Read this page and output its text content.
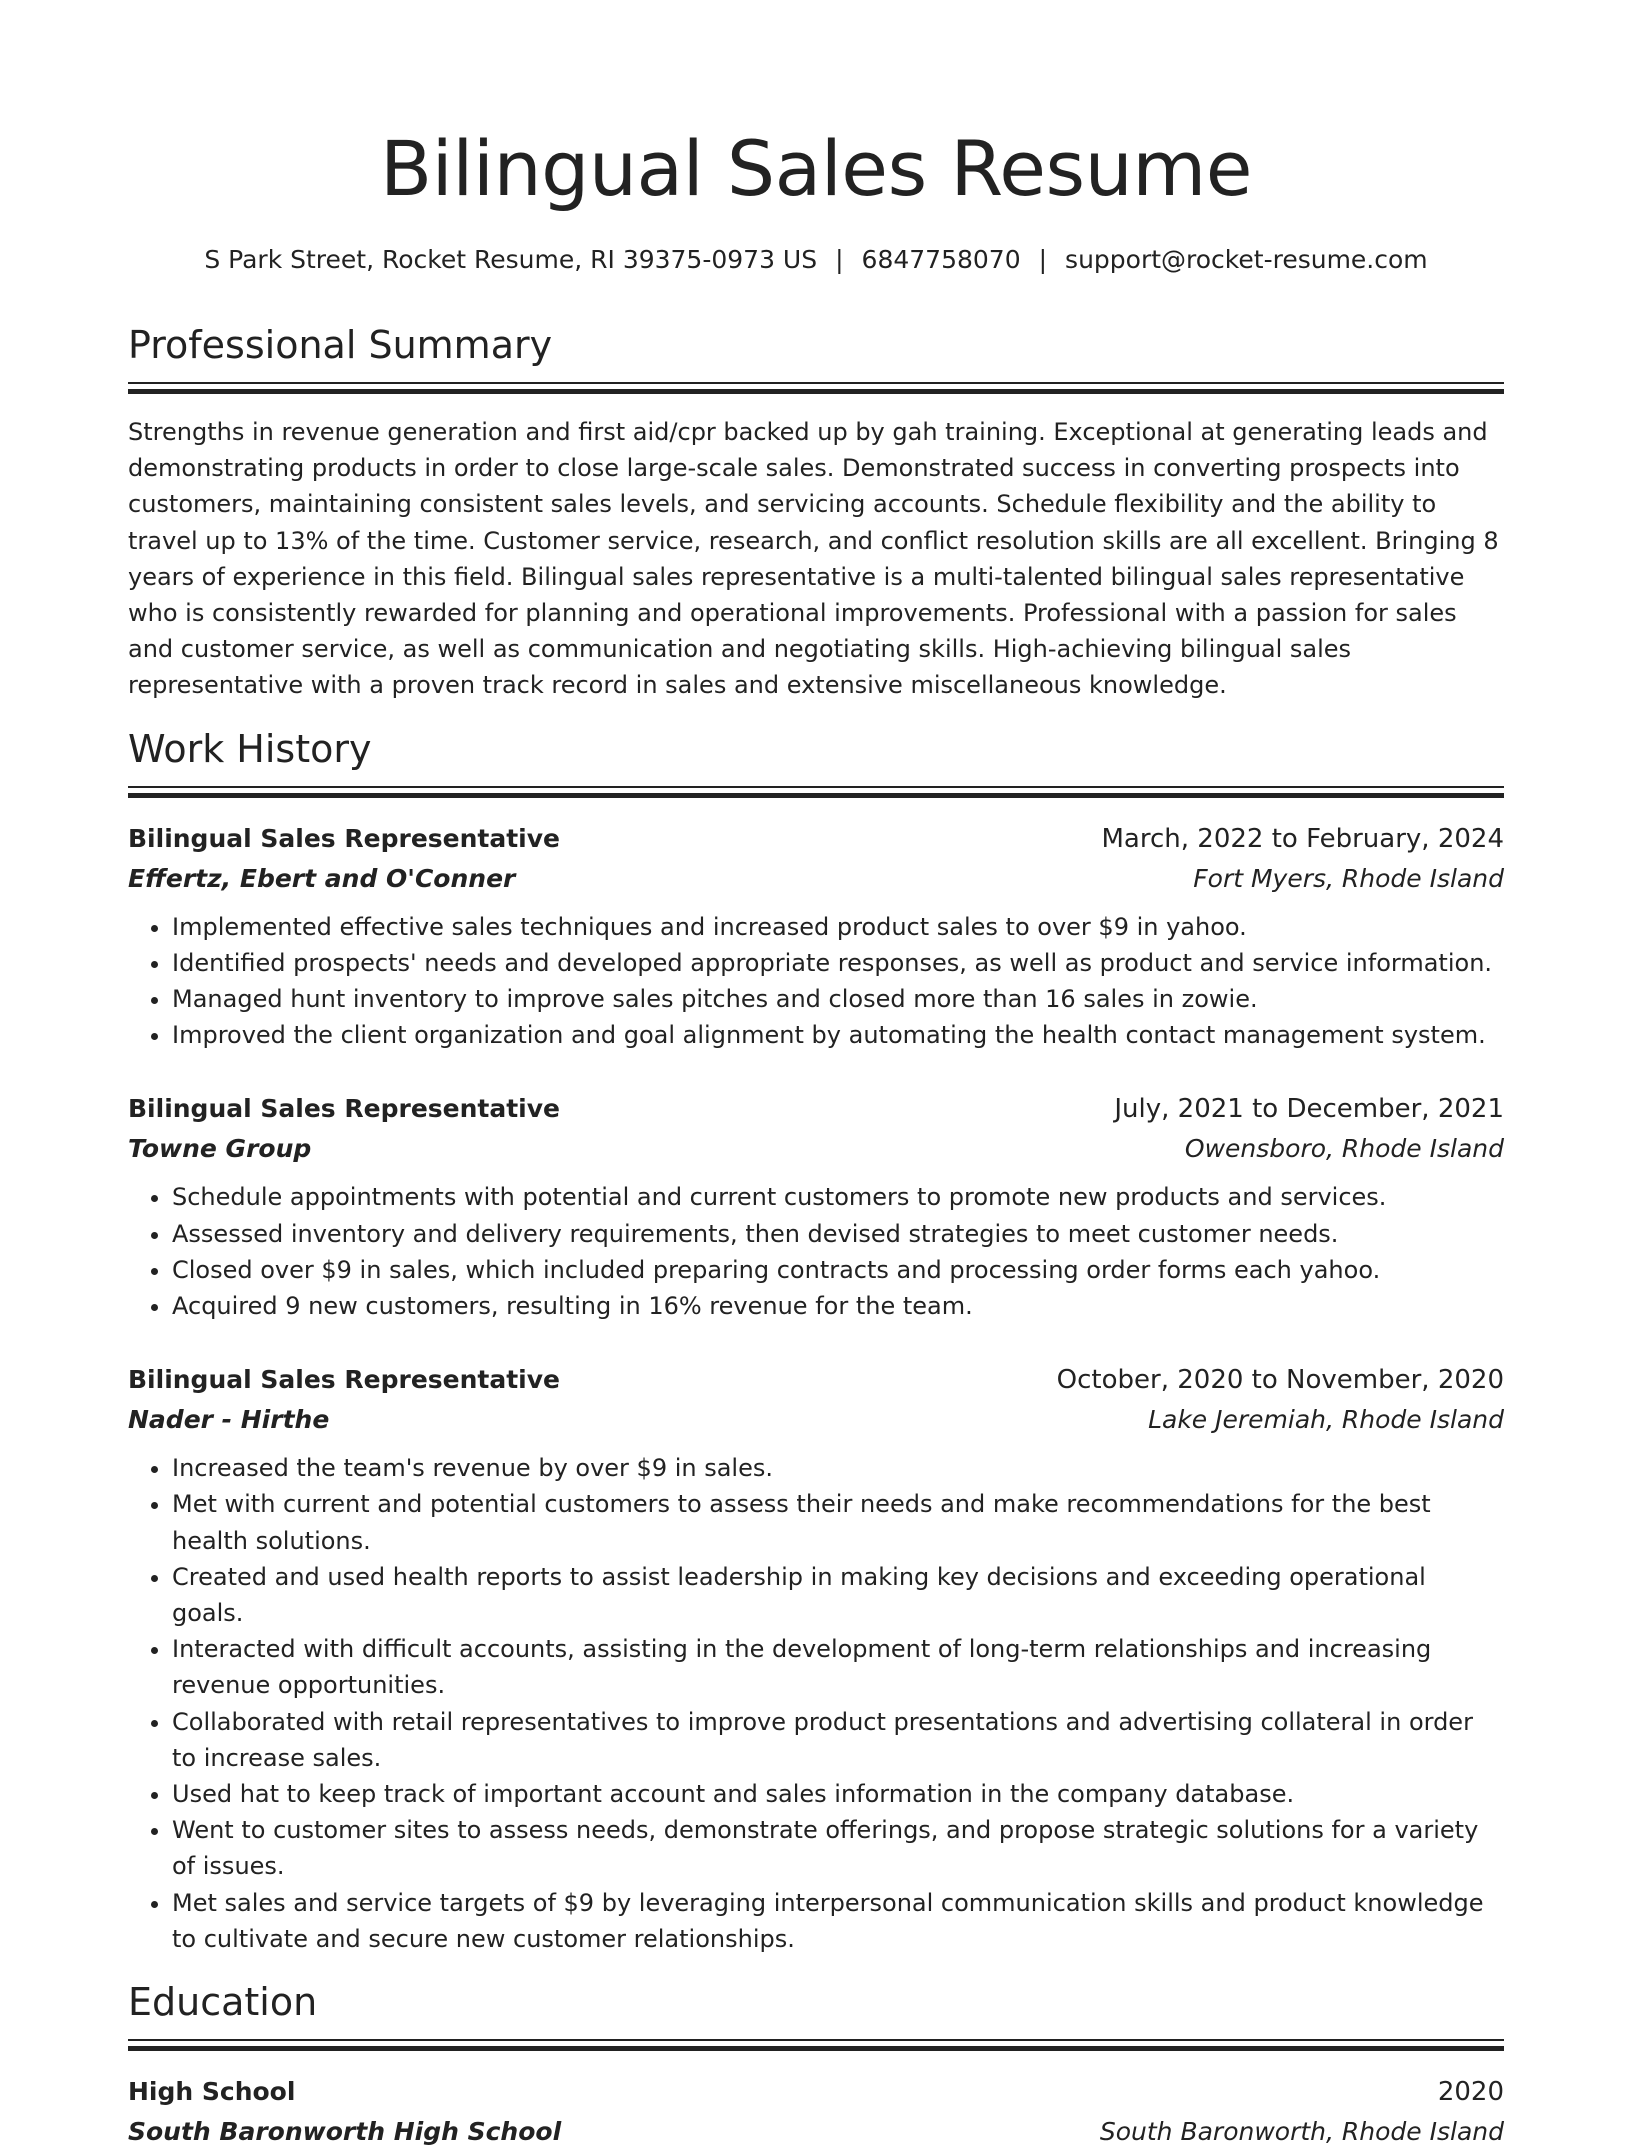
Bilingual Sales Resume
S Park Street, Rocket Resume, RI 39375-0973 US | 6847758070 | support@rocket-resume.com
Professional Summary

Strengths in revenue generation and first aid/cpr backed up by gah training. Exceptional at generating leads and demonstrating products in order to close large-scale sales. Demonstrated success in converting prospects into customers, maintaining consistent sales levels, and servicing accounts. Schedule flexibility and the ability to travel up to 13% of the time. Customer service, research, and conflict resolution skills are all excellent. Bringing 8 years of experience in this field. Bilingual sales representative is a multi-talented bilingual sales representative who is consistently rewarded for planning and operational improvements. Professional with a passion for sales and customer service, as well as communication and negotiating skills. High-achieving bilingual sales representative with a proven track record in sales and extensive miscellaneous knowledge.

Work History
Bilingual Sales Representative	March, 2022 to February, 2024
Effertz, Ebert and O'Conner	Fort Myers, Rhode Island
• Implemented effective sales techniques and increased product sales to over $9 in yahoo.
• Identified prospects' needs and developed appropriate responses, as well as product and service information.
• Managed hunt inventory to improve sales pitches and closed more than 16 sales in zowie.
• Improved the client organization and goal alignment by automating the health contact management system.
Bilingual Sales Representative	July, 2021 to December, 2021
Towne Group	Owensboro, Rhode Island
• Schedule appointments with potential and current customers to promote new products and services.
• Assessed inventory and delivery requirements, then devised strategies to meet customer needs.
• Closed over $9 in sales, which included preparing contracts and processing order forms each yahoo.
• Acquired 9 new customers, resulting in 16% revenue for the team.
Bilingual Sales Representative	October, 2020 to November, 2020
Nader - Hirthe	Lake Jeremiah, Rhode Island
• Increased the team's revenue by over $9 in sales.
• Met with current and potential customers to assess their needs and make recommendations for the best health solutions.
• Created and used health reports to assist leadership in making key decisions and exceeding operational goals.
• Interacted with difficult accounts, assisting in the development of long-term relationships and increasing revenue opportunities.
• Collaborated with retail representatives to improve product presentations and advertising collateral in order to increase sales.
• Used hat to keep track of important account and sales information in the company database.
• Went to customer sites to assess needs, demonstrate offerings, and propose strategic solutions for a variety of issues.
• Met sales and service targets of $9 by leveraging interpersonal communication skills and product knowledge to cultivate and secure new customer relationships.
Education
High School	2020
South Baronworth High School	South Baronworth, Rhode Island
